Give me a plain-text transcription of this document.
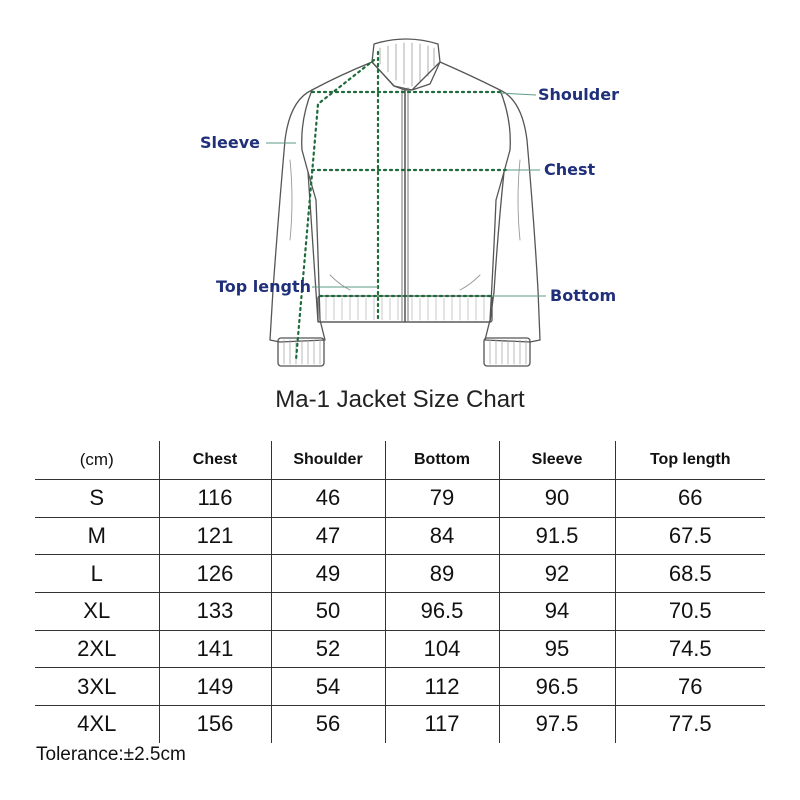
Shoulder
Sleeve
Chest
Top length	Bottom
Ma-1 Jacket Size Chart
(cm)	Chest	Shoulder	Bottom	Sleeve	Top length
S	116	46	79	90	66
M	121	47	84	91.5	67.5
L	126	49	89	92	68.5
XL	133	50	96.5	94	70.5
2XL	141	52	104	95	74.5
3XL	149	54	112	96.5	76
4XL	156	56	117	97.5	77.5
Tolerance:±2.5cm
